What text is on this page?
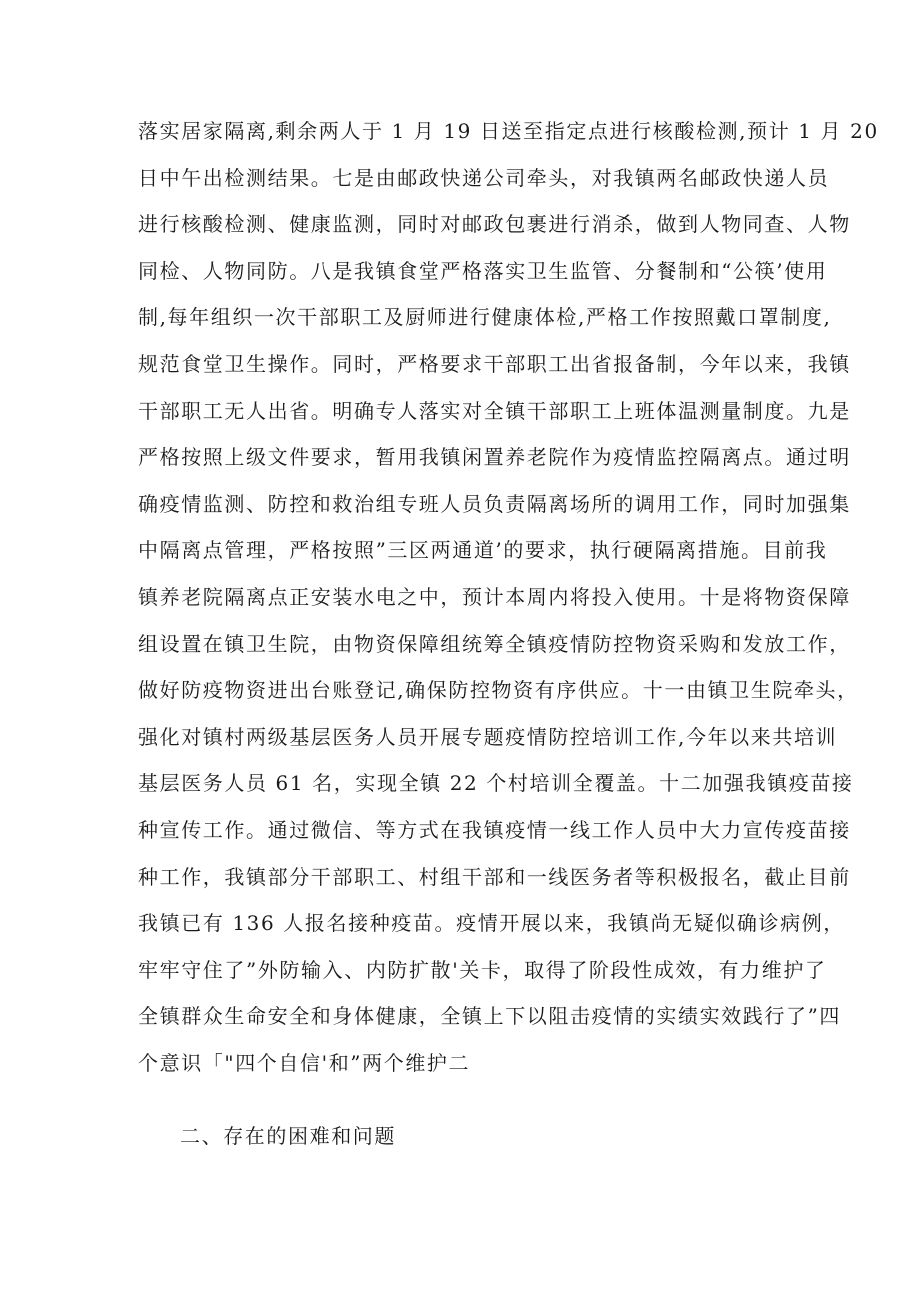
落实居家隔离,剩余两人于 1 月 19 日送至指定点进行核酸检测,预计 1 月 20
日中午出检测结果。七是由邮政快递公司牵头，对我镇两名邮政快递人员
进行核酸检测、健康监测，同时对邮政包裹进行消杀，做到人物同查、人物
同检、人物同防。八是我镇食堂严格落实卫生监管、分餐制和“公筷’使用
制,每年组织一次干部职工及厨师进行健康体检,严格工作按照戴口罩制度,
规范食堂卫生操作。同时，严格要求干部职工出省报备制，今年以来，我镇
干部职工无人出省。明确专人落实对全镇干部职工上班体温测量制度。九是
严格按照上级文件要求，暂用我镇闲置养老院作为疫情监控隔离点。通过明
确疫情监测、防控和救治组专班人员负责隔离场所的调用工作，同时加强集
中隔离点管理，严格按照”三区两通道’的要求，执行硬隔离措施。目前我
镇养老院隔离点正安装水电之中，预计本周内将投入使用。十是将物资保障
组设置在镇卫生院，由物资保障组统筹全镇疫情防控物资采购和发放工作，
做好防疫物资进出台账登记,确保防控物资有序供应。十一由镇卫生院牵头，
强化对镇村两级基层医务人员开展专题疫情防控培训工作,今年以来共培训
基层医务人员 61 名，实现全镇 22 个村培训全覆盖。十二加强我镇疫苗接
种宣传工作。通过微信、等方式在我镇疫情一线工作人员中大力宣传疫苗接
种工作，我镇部分干部职工、村组干部和一线医务者等积极报名，截止目前
我镇已有 136 人报名接种疫苗。疫情开展以来，我镇尚无疑似确诊病例，
牢牢守住了”外防输入、内防扩散'关卡，取得了阶段性成效，有力维护了
全镇群众生命安全和身体健康，全镇上下以阻击疫情的实绩实效践行了”四
个意识「"四个自信'和”两个维护二
二、存在的困难和问题
